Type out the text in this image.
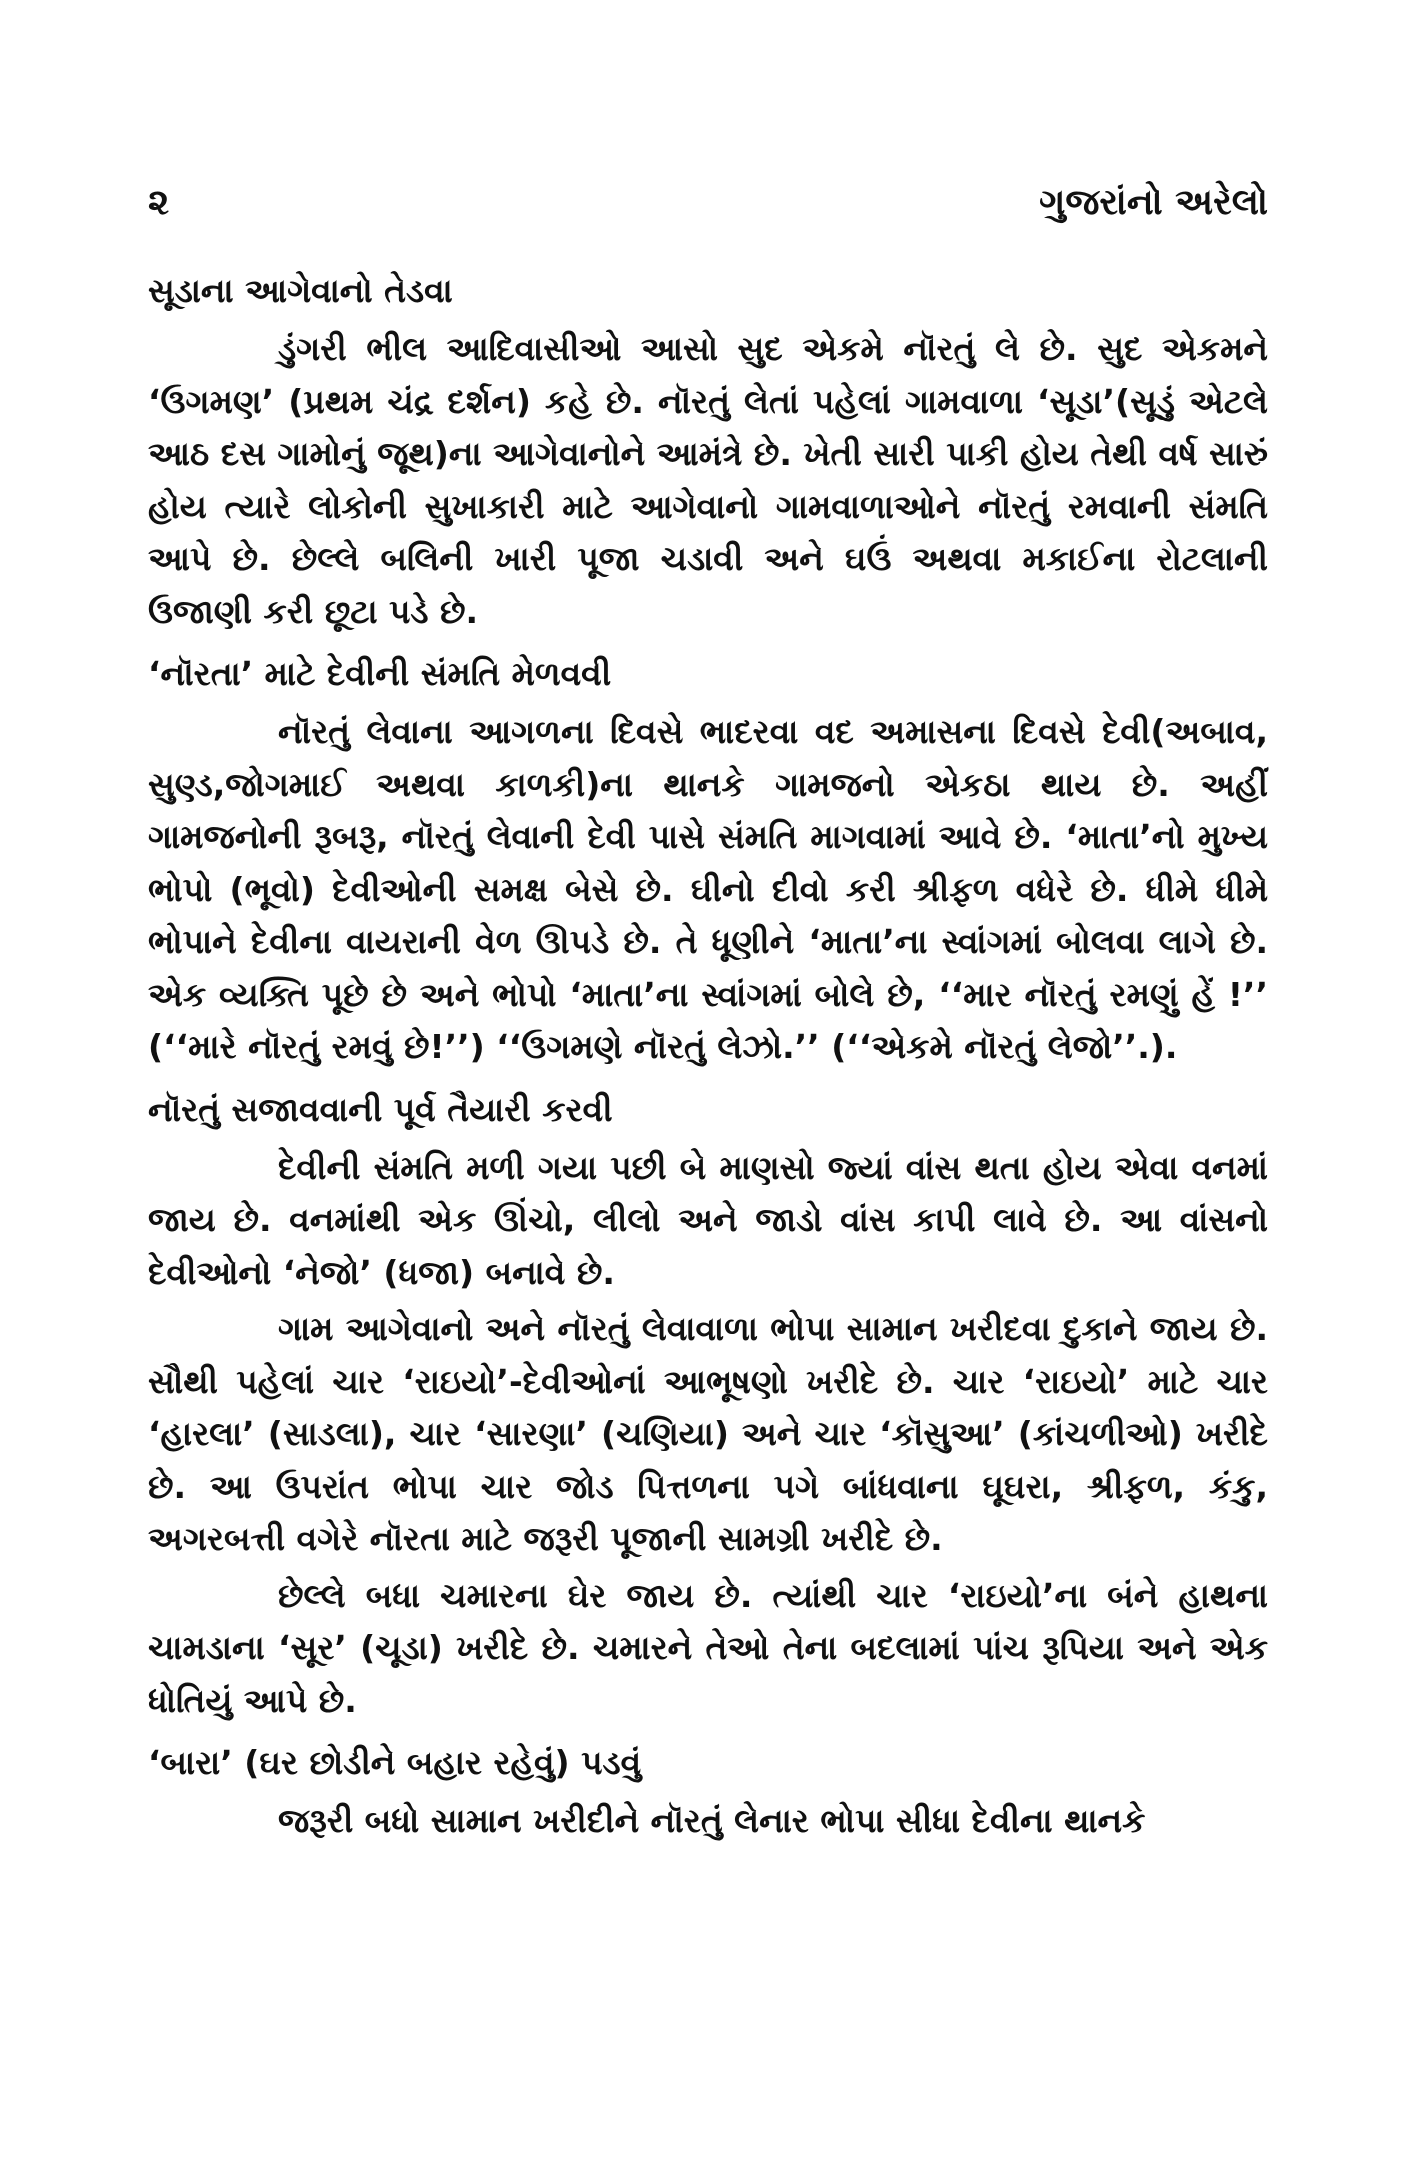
૨	ગુજરાંનો અરેલો
સૂડાના આગેવાનો તેડવા

ડુંગરી ભીલ આદિવાસીઓ આસો સુદ એકમે નૉરતું લે છે. સુદ એકમને ‘ઉગમણ’ (પ્રથમ ચંદ્ર દર્શન) કહે છે. નૉરતું લેતાં પહેલાં ગામવાળા ‘સૂડા’(સૂડું એટલે આઠ દસ ગામોનું જૂથ)ના આગેવાનોને આમંત્રે છે. ખેતી સારી પાકી હોય તેથી વર્ષ સારું હોય ત્યારે લોકોની સુખાકારી માટે આગેવાનો ગામવાળાઓને નૉરતું રમવાની સંમતિ આપે છે. છેલ્લે બલિની ખારી પૂજા ચડાવી અને ઘઉં અથવા મકાઈના રોટલાની ઉજાણી કરી છૂટા પડે છે.

‘નૉરતા’ માટે દેવીની સંમતિ મેળવવી

નૉરતું લેવાના આગળના દિવસે ભાદરવા વદ અમાસના દિવસે દેવી(અબાવ, સુણ્ડ,જોગમાઈ અથવા કાળકી)ના થાનકે ગામજનો એકઠા થાય છે. અહીં ગામજનોની રૂબરૂ, નૉરતું લેવાની દેવી પાસે સંમતિ માગવામાં આવે છે. ‘માતા’નો મુખ્ય ભોપો (ભૂવો) દેવીઓની સમક્ષ બેસે છે. ઘીનો દીવો કરી શ્રીફળ વધેરે છે. ધીમે ધીમે ભોપાને દેવીના વાયરાની વેળ ઊપડે છે. તે ધૂણીને ‘માતા’ના સ્વાંગમાં બોલવા લાગે છે. એક વ્યક્તિ પૂછે છે અને ભોપો ‘માતા’ના સ્વાંગમાં બોલે છે, ‘‘માર નૉરતું રમણું હેં !’’ (‘‘મારે નૉરતું રમવું છે!’’) ‘‘ઉગમણે નૉરતું લેઝો.’’ (‘‘એકમે નૉરતું લેજો’’.).

નૉરતું સજાવવાની પૂર્વ તૈયારી કરવી

દેવીની સંમતિ મળી ગયા પછી બે માણસો જ્યાં વાંસ થતા હોય એવા વનમાં જાય છે. વનમાંથી એક ઊંચો, લીલો અને જાડો વાંસ કાપી લાવે છે. આ વાંસનો દેવીઓનો ‘નેજો’ (ધજા) બનાવે છે.

ગામ આગેવાનો અને નૉરતું લેવાવાળા ભોપા સામાન ખરીદવા દુકાને જાય છે. સૌથી પહેલાં ચાર ‘રાઇયો’-દેવીઓનાં આભૂષણો ખરીદે છે. ચાર ‘રાઇયો’ માટે ચાર ‘હારલા’ (સાડલા), ચાર ‘સારણા’ (ચણિયા) અને ચાર ‘કૉસુઆ’ (કાંચળીઓ) ખરીદે છે. આ ઉપરાંત ભોપા ચાર જોડ પિત્તળના પગે બાંધવાના ઘૂઘરા, શ્રીફળ, કંકુ, અગરબત્તી વગેરે નૉરતા માટે જરૂરી પૂજાની સામગ્રી ખરીદે છે.

છેલ્લે બધા ચમારના ઘેર જાય છે. ત્યાંથી ચાર ‘રાઇયો’ના બંને હાથના ચામડાના ‘સૂર’ (ચૂડા) ખરીદે છે. ચમારને તેઓ તેના બદલામાં પાંચ રૂપિયા અને એક ધોતિયું આપે છે.

‘બારા’ (ઘર છોડીને બહાર રહેવું) પડવું

જરૂરી બધો સામાન ખરીદીને નૉરતું લેનાર ભોપા સીધા દેવીના થાનકે
